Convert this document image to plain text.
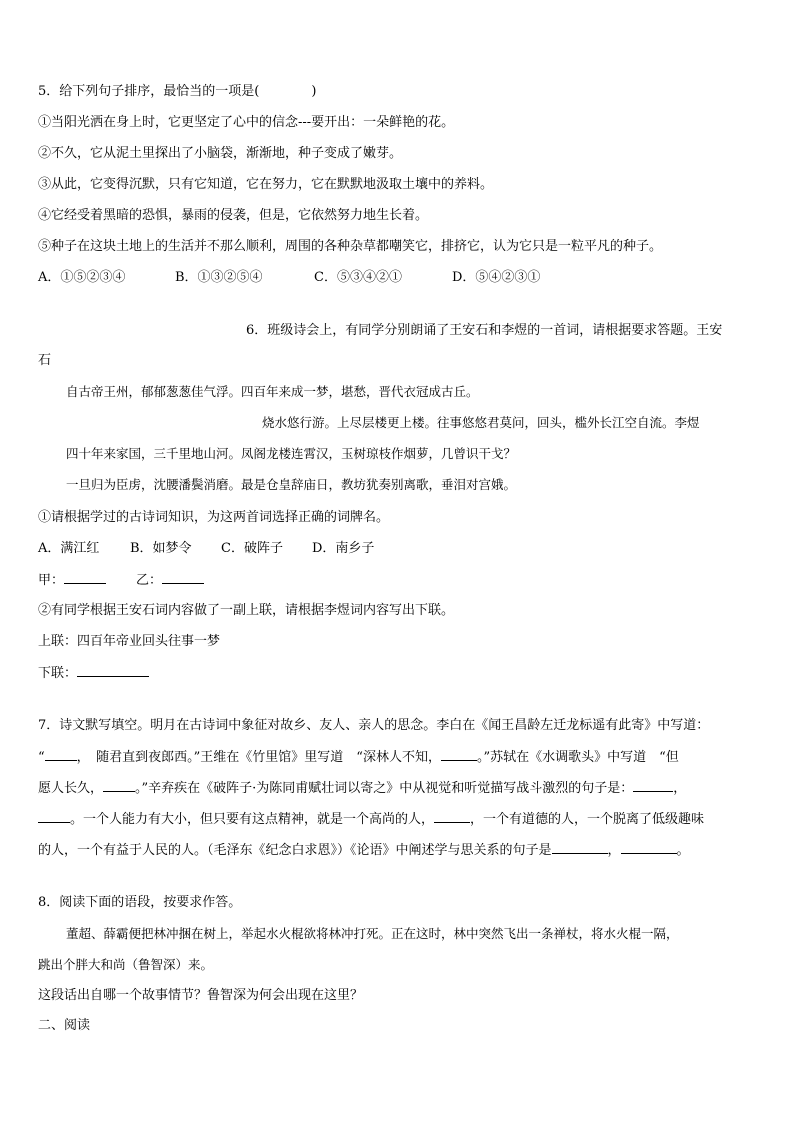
5．给下列句子排序，最恰当的一项是(　　　　)
①当阳光洒在身上时，它更坚定了心中的信念---要开出：一朵鲜艳的花。
②不久，它从泥土里探出了小脑袋，渐渐地，种子变成了嫩芽。
③从此，它变得沉默，只有它知道，它在努力，它在默默地汲取土壤中的养料。
④它经受着黑暗的恐惧，暴雨的侵袭，但是，它依然努力地生长着。
⑤种子在这块土地上的生活并不那么顺利，周围的各种杂草都嘲笑它，排挤它，认为它只是一粒平凡的种子。
A．①⑤②③④	B．①③②⑤④	C．⑤③④②①	D．⑤④②③①
6．班级诗会上，有同学分别朗诵了王安石和李煜的一首词，请根据要求答题。王安
石
自古帝王州，郁郁葱葱佳气浮。四百年来成一梦，堪愁，晋代衣冠成古丘。
烧水悠行游。上尽层楼更上楼。往事悠悠君莫问，回头，槛外长江空自流。李煜
四十年来家国，三千里地山河。凤阁龙楼连霄汉，玉树琼枝作烟萝，几曾识干戈？
一旦归为臣虏，沈腰潘鬓消磨。最是仓皇辞庙日，教坊犹奏别离歌，垂泪对宫娥。
①请根据学过的古诗词知识，为这两首词选择正确的词牌名。
A．满江红 B．如梦令 C．破阵子 D．南乡子
甲：	乙：
②有同学根据王安石词内容做了一副上联，请根据李煜词内容写出下联。
上联：四百年帝业回头往事一梦
下联：
7．诗文默写填空。明月在古诗词中象征对故乡、友人、亲人的思念。李白在《闻王昌龄左迁龙标遥有此寄》中写道：
“ ，　随君直到夜郎西。”王维在《竹里馆》里写道　“深林人不知，	。”苏轼在《水调歌头》中写道　“但
愿人长久， 。”辛弃疾在《破阵子·为陈同甫赋壮词以寄之》中从视觉和听觉描写战斗激烈的句子是：	，
。一个人能力有大小，但只要有这点精神，就是一个高尚的人，	，一个有道德的人，一个脱离了低级趣味
的人，一个有益于人民的人。（毛泽东《纪念白求恩》）《论语》中阐述学与思关系的句子是	，	。
8．阅读下面的语段，按要求作答。
董超、薛霸便把林冲捆在树上，举起水火棍欲将林冲打死。正在这时，林中突然飞出一条禅杖，将水火棍一隔，
跳出个胖大和尚（鲁智深）来。
这段话出自哪一个故事情节？鲁智深为何会出现在这里？
二、阅读
